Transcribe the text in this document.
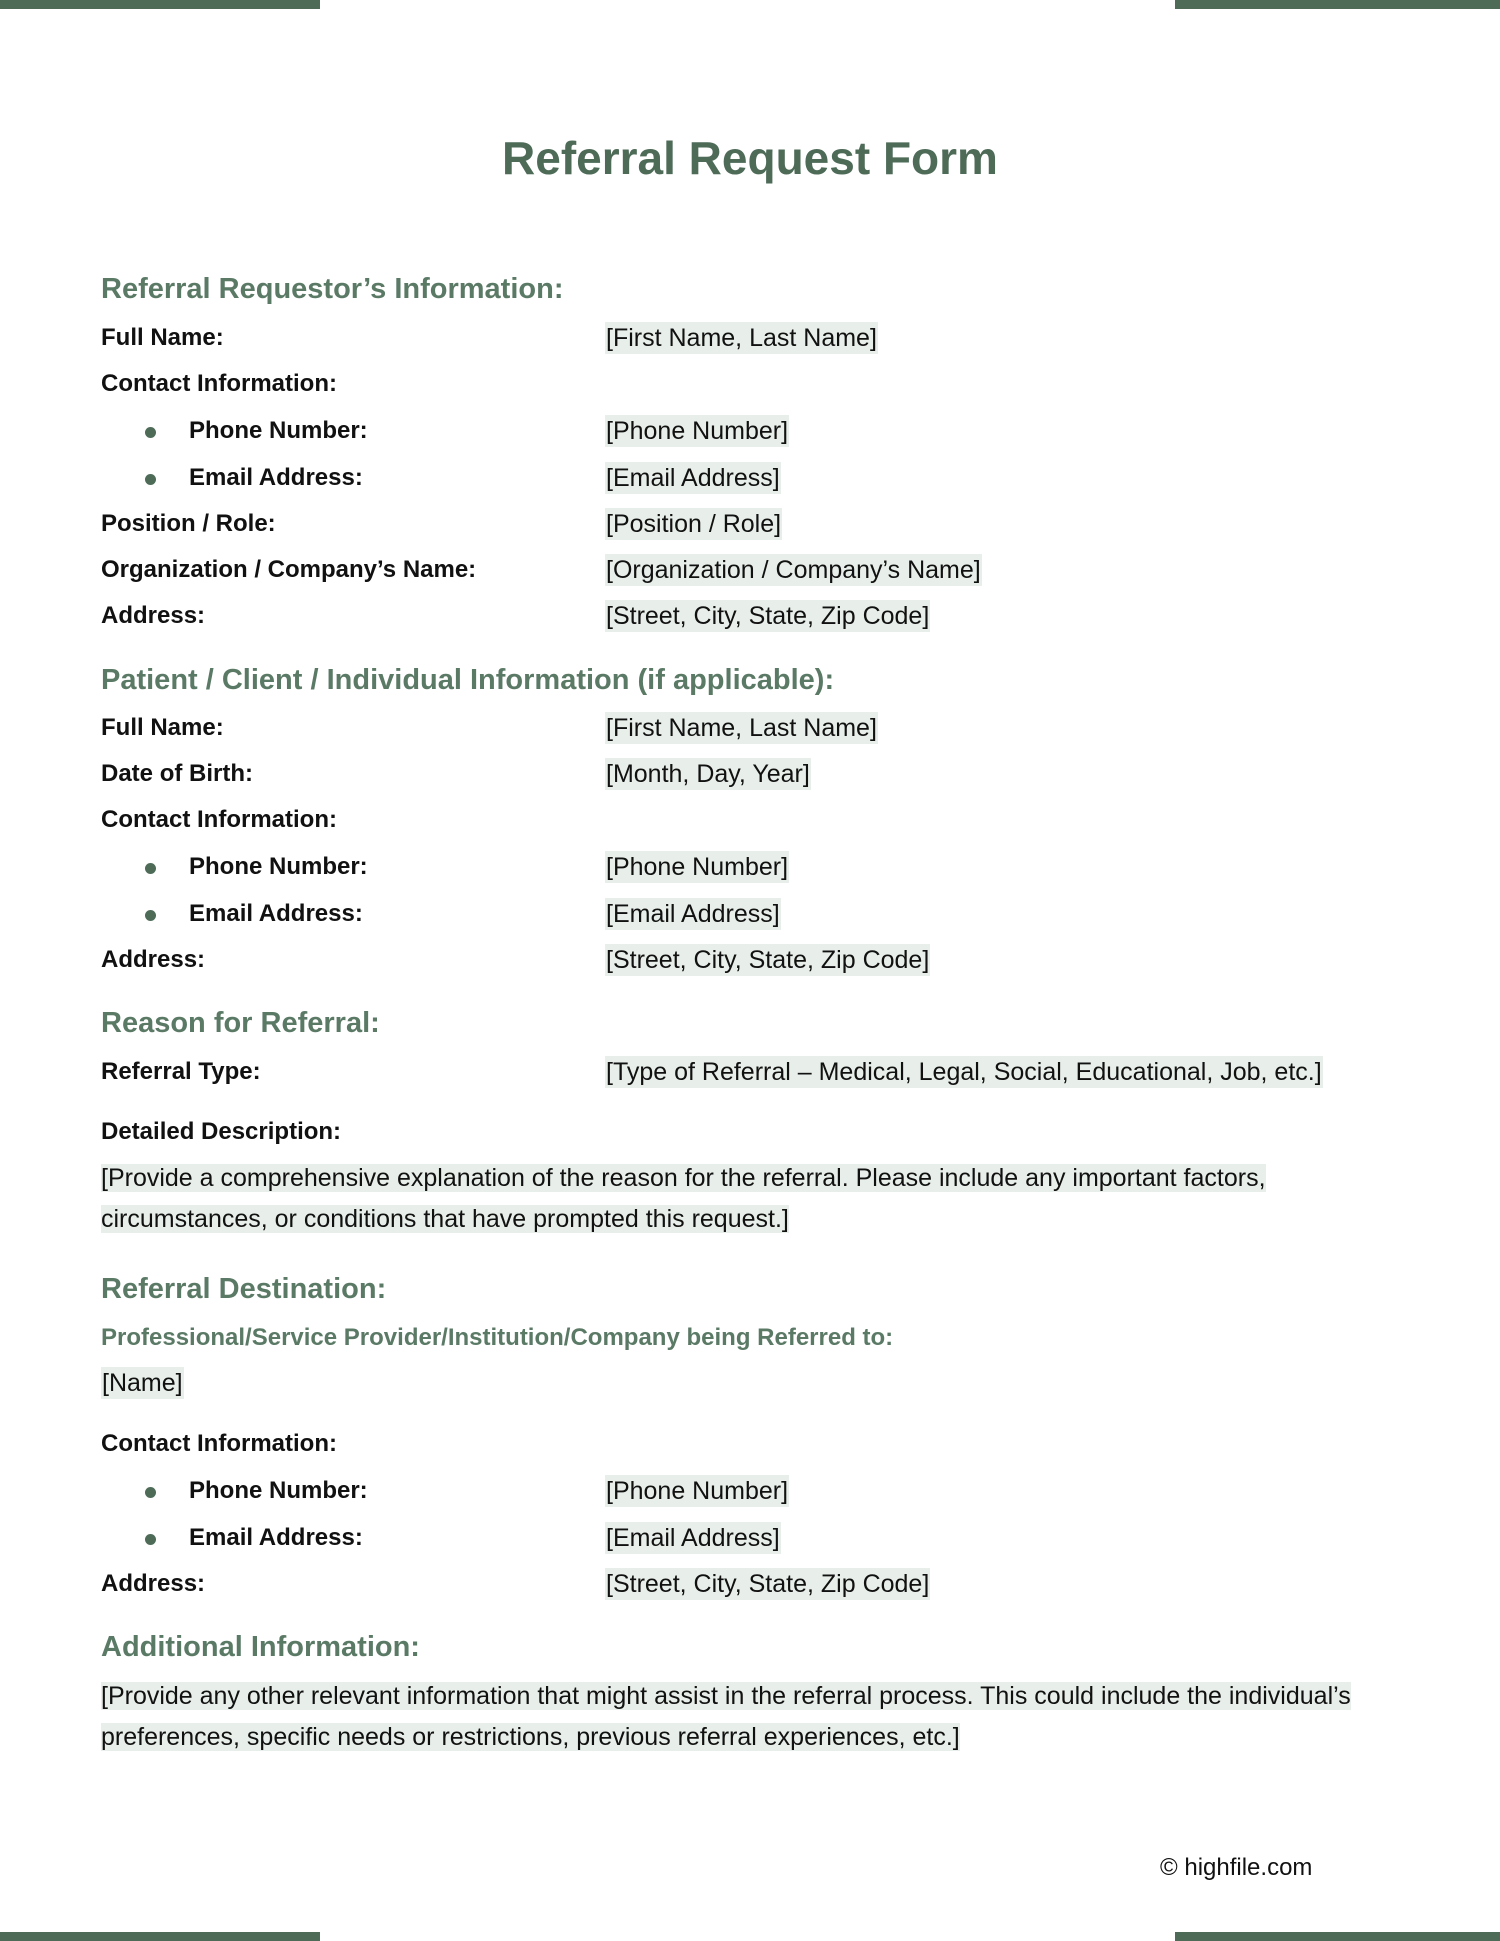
Referral Request Form
Referral Requestor’s Information:
Full Name:	[First Name, Last Name]
Contact Information:
Phone Number:	[Phone Number]
Email Address:	[Email Address]
Position / Role:	[Position / Role]
Organization / Company’s Name:	[Organization / Company’s Name]
Address:	[Street, City, State, Zip Code]
Patient / Client / Individual Information (if applicable):
Full Name:	[First Name, Last Name]
Date of Birth:	[Month, Day, Year]
Contact Information:
Phone Number:	[Phone Number]
Email Address:	[Email Address]
Address:	[Street, City, State, Zip Code]
Reason for Referral:
Referral Type:	[Type of Referral – Medical, Legal, Social, Educational, Job, etc.]
Detailed Description:

[Provide a comprehensive explanation of the reason for the referral. Please include any important factors, circumstances, or conditions that have prompted this request.]

Referral Destination:
Professional/Service Provider/Institution/Company being Referred to:
[Name]
Contact Information:
Phone Number:	[Phone Number]
Email Address:	[Email Address]
Address:	[Street, City, State, Zip Code]
Additional Information:

[Provide any other relevant information that might assist in the referral process. This could include the individual’s preferences, specific needs or restrictions, previous referral experiences, etc.]

© highfile.com
